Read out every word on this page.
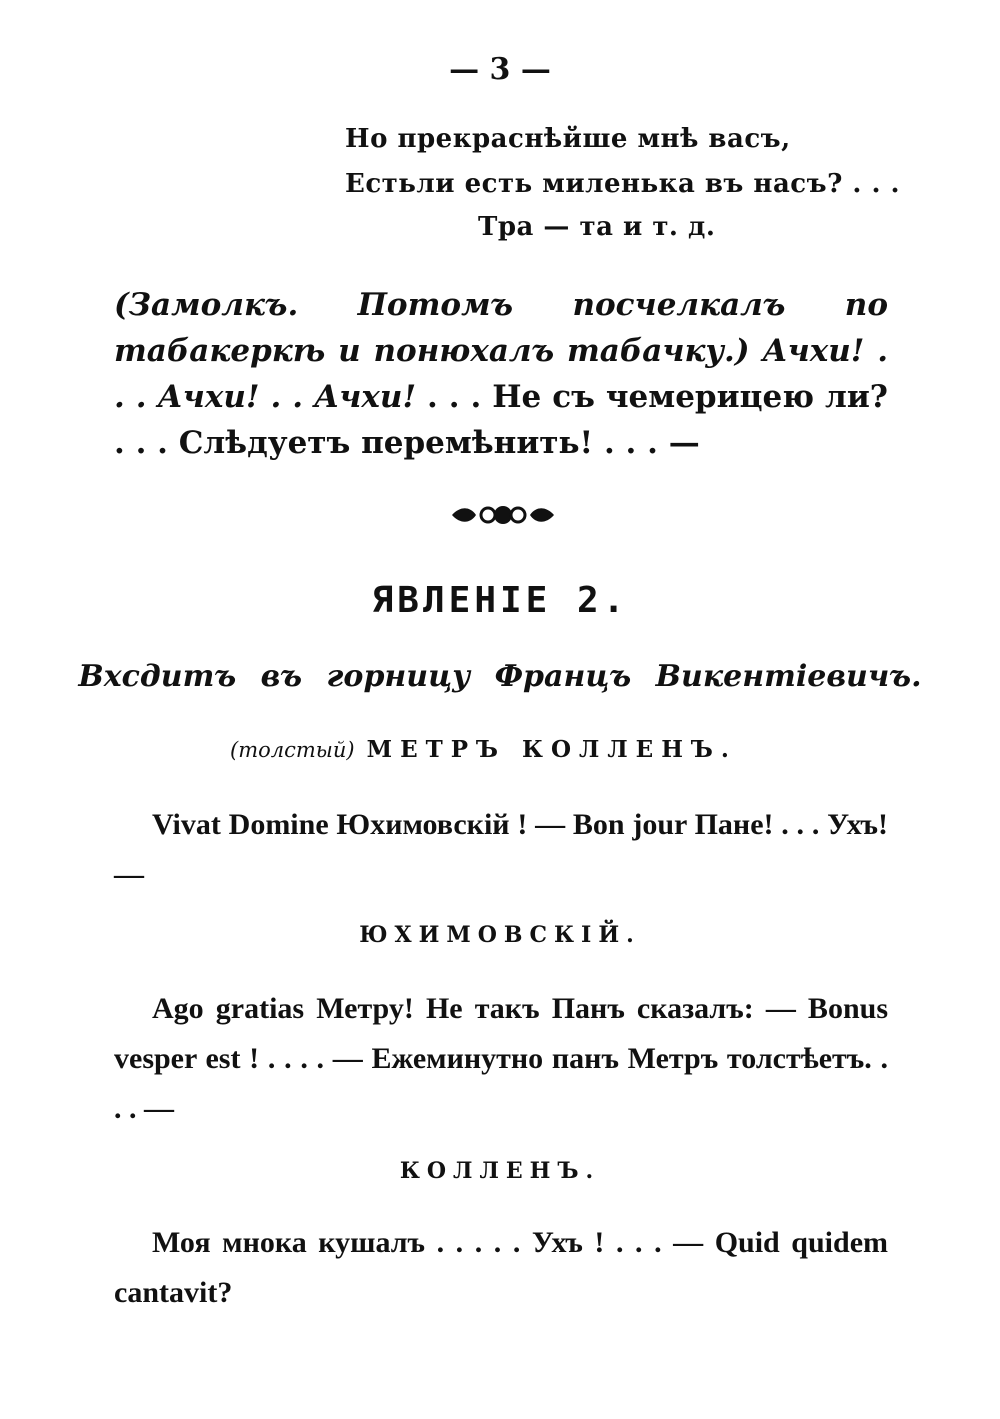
— 3 —
Но прекраснѣйше мнѣ васъ,
Естьли есть миленька въ насъ? . . .
Тра — та и т. д.
(Замолкъ. Потомъ посчелкалъ по табакеркѣ и понюхалъ табачку.) Ачхи! . . . Ачхи! . . Ачхи! . . . Не съ чемерицею ли? . . . Слѣдуетъ перемѣнить! . . . —
ЯВЛЕНІЕ 2.
Вхсдитъ въ горницу Францъ Викентіевичъ.
(толстый) МЕТРЪ КОЛЛЕНЪ.
Vivat Domine Юхимовскій ! — Bon jour Пане! . . . Ухъ! —
ЮХИМОВСКІЙ.
Ago gratias Метру! Не такъ Панъ сказалъ: — Bonus vesper est ! . . . . — Ежеминутно панъ Метръ толстѣетъ. . . . —
КОЛЛЕНЪ.
Моя мнока кушалъ . . . . . Ухъ ! . . . — Quid quidem cantavit?
